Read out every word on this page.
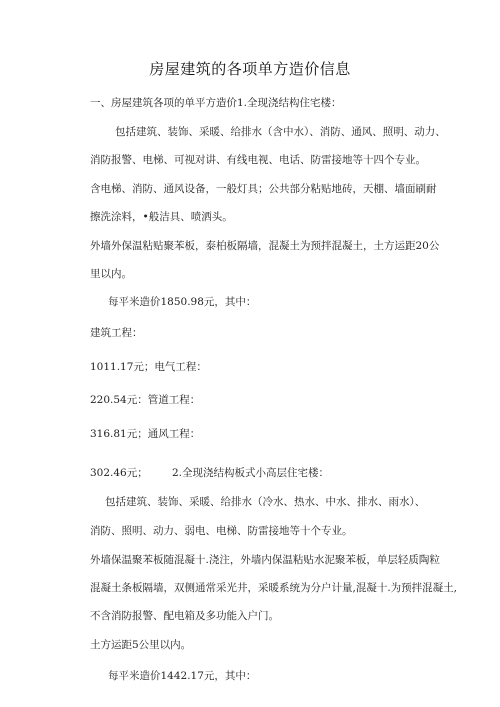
房屋建筑的各项单方造价信息
一、房屋建筑各项的单平方造价1.全现浇结构住宅楼：
包括建筑、装饰、采暖、给排水（含中水）、消防、通风、照明、动力、
消防报警、电梯、可视对讲、有线电视、电话、防雷接地等十四个专业。
含电梯、消防、通风设备，一般灯具；公共部分粘贴地砖，天棚、墙面刷耐
擦洗涂料，•般洁具、喷洒头。
外墙外保温粘贴聚苯板，泰柏板隔墙，混凝土为预拌混凝土，土方运距20公
里以内。
每平米造价1850.98元，其中：
建筑工程：
1011.17元；电气工程：
220.54元：管道工程：
316.81元；通风工程：
302.46元；	2.全现浇结构板式小高层住宅楼：
包括建筑、装饰、采暖、给排水（冷水、热水、中水、排水、雨水）、
消防、照明、动力、弱电、电梯、防雷接地等十个专业。
外墙保温聚苯板随混凝十.浇注，外墙内保温粘贴水泥聚苯板，单层轻质陶粒
混凝土条板隔墙，双侧通常采光井，采暖系统为分户计量,混凝十.为预拌混凝土,
不含消防报警、配电箱及多功能入户门。
土方运距5公里以内。
每平米造价1442.17元，其中：
